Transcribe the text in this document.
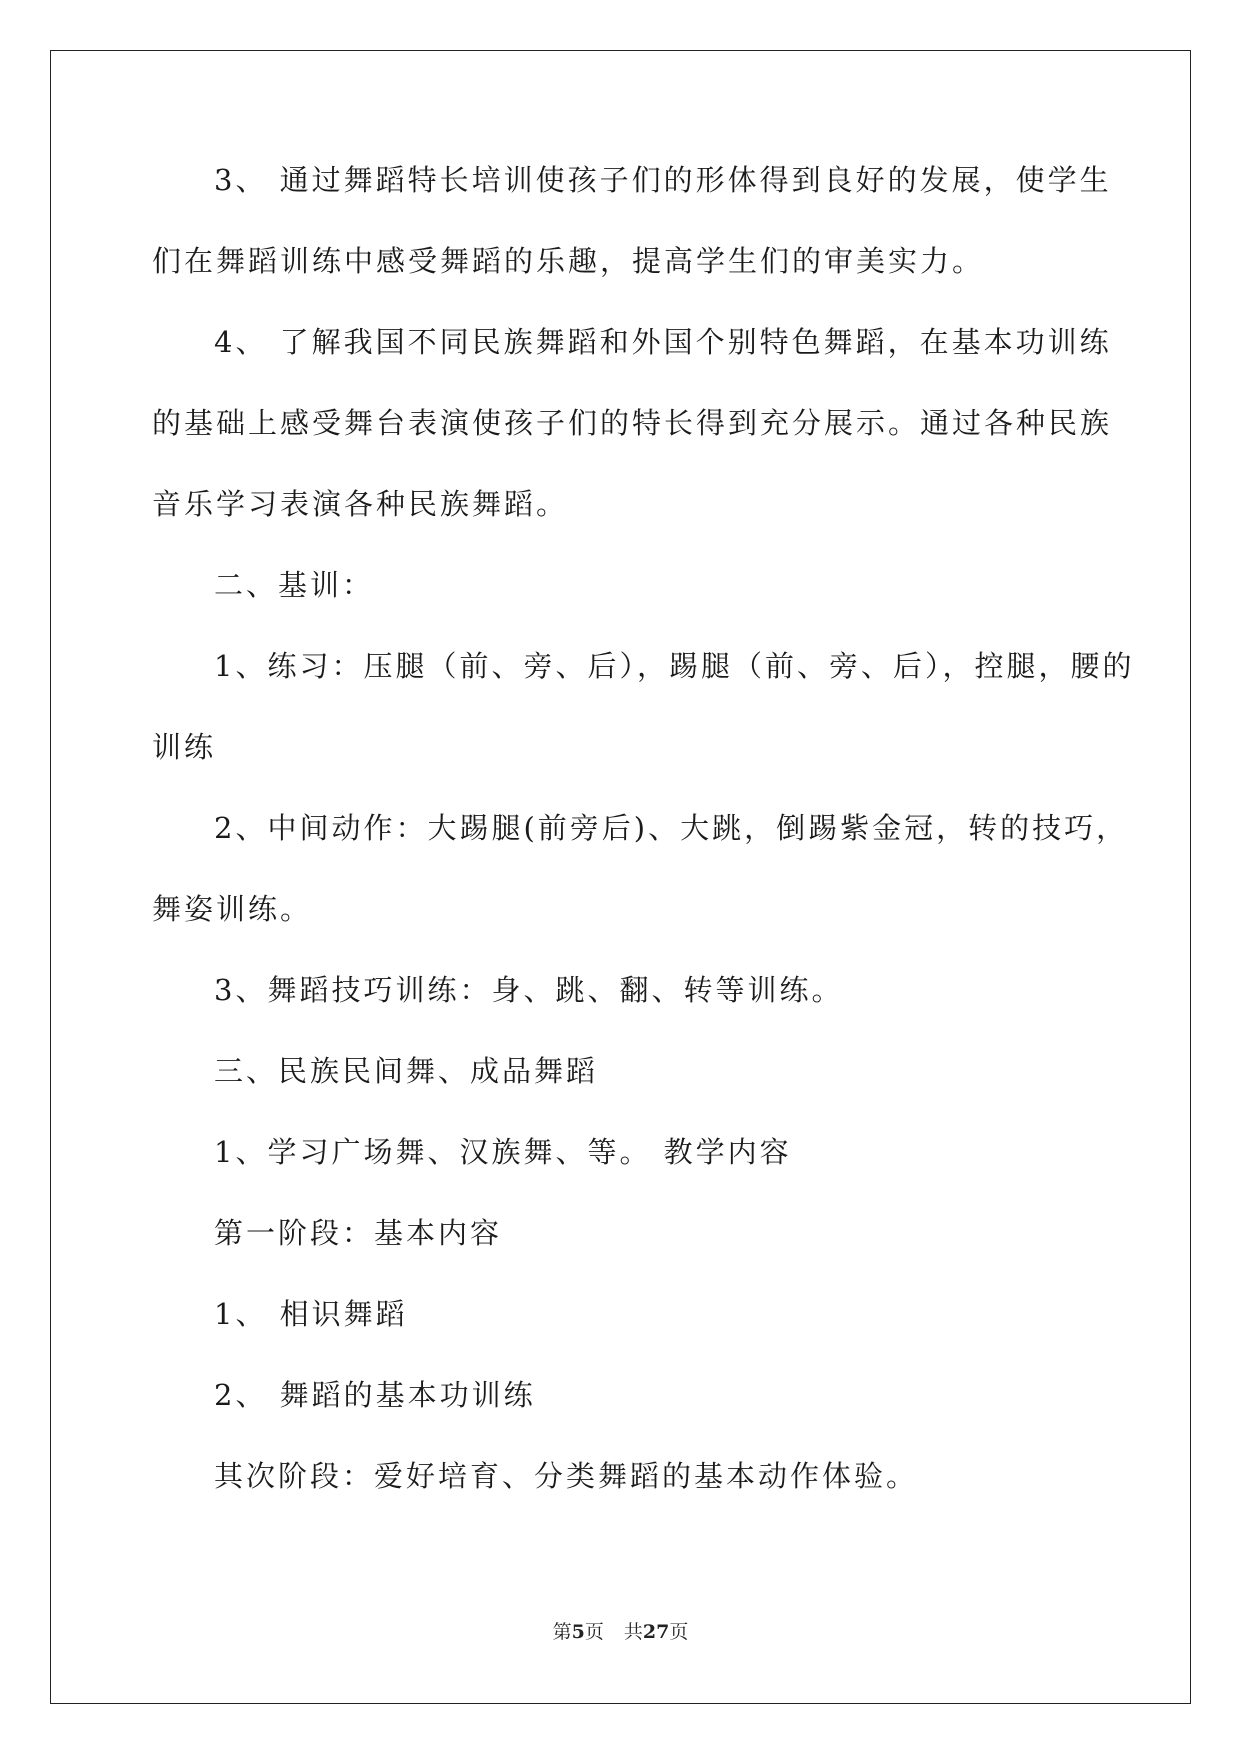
3、 通过舞蹈特长培训使孩子们的形体得到良好的发展，使学生
们在舞蹈训练中感受舞蹈的乐趣，提高学生们的审美实力。
4、 了解我国不同民族舞蹈和外国个别特色舞蹈，在基本功训练
的基础上感受舞台表演使孩子们的特长得到充分展示。通过各种民族
音乐学习表演各种民族舞蹈。
二、基训：
1、练习：压腿（前、旁、后），踢腿（前、旁、后），控腿，腰的
训练
2、中间动作：大踢腿(前旁后)、大跳，倒踢紫金冠，转的技巧，
舞姿训练。
3、舞蹈技巧训练：身、跳、翻、转等训练。
三、民族民间舞、成品舞蹈
1、学习广场舞、汉族舞、等。 教学内容
第一阶段：基本内容
1、 相识舞蹈
2、 舞蹈的基本功训练
其次阶段：爱好培育、分类舞蹈的基本动作体验。
第5页 共27页
